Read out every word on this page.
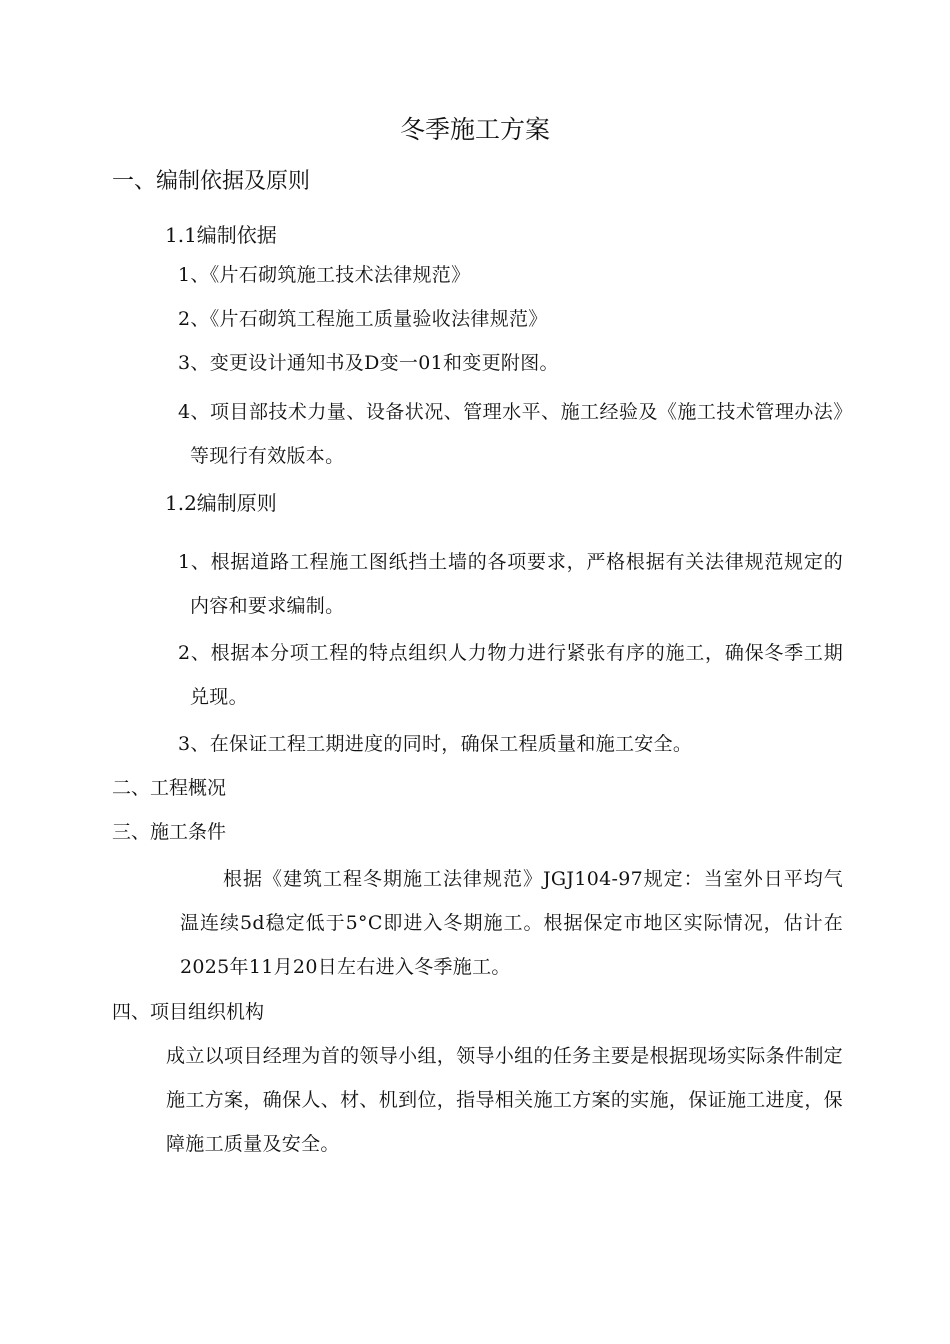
冬季施工方案
一、编制依据及原则
1.1编制依据
1、《片石砌筑施工技术法律规范》
2、《片石砌筑工程施工质量验收法律规范》
3、变更设计通知书及D变一01和变更附图。
4、项目部技术力量、设备状况、管理水平、施工经验及《施工技术管理办法》等现行有效版本。
1.2编制原则
1、根据道路工程施工图纸挡土墙的各项要求，严格根据有关法律规范规定的内容和要求编制。
2、根据本分项工程的特点组织人力物力进行紧张有序的施工，确保冬季工期兑现。
3、在保证工程工期进度的同时，确保工程质量和施工安全。
二、工程概况
三、施工条件
根据《建筑工程冬期施工法律规范》JGJ104-97规定：当室外日平均气温连续5d稳定低于5°C即进入冬期施工。根据保定市地区实际情况，估计在2025年11月20日左右进入冬季施工。
四、项目组织机构
成立以项目经理为首的领导小组，领导小组的任务主要是根据现场实际条件制定施工方案，确保人、材、机到位，指导相关施工方案的实施，保证施工进度，保障施工质量及安全。
